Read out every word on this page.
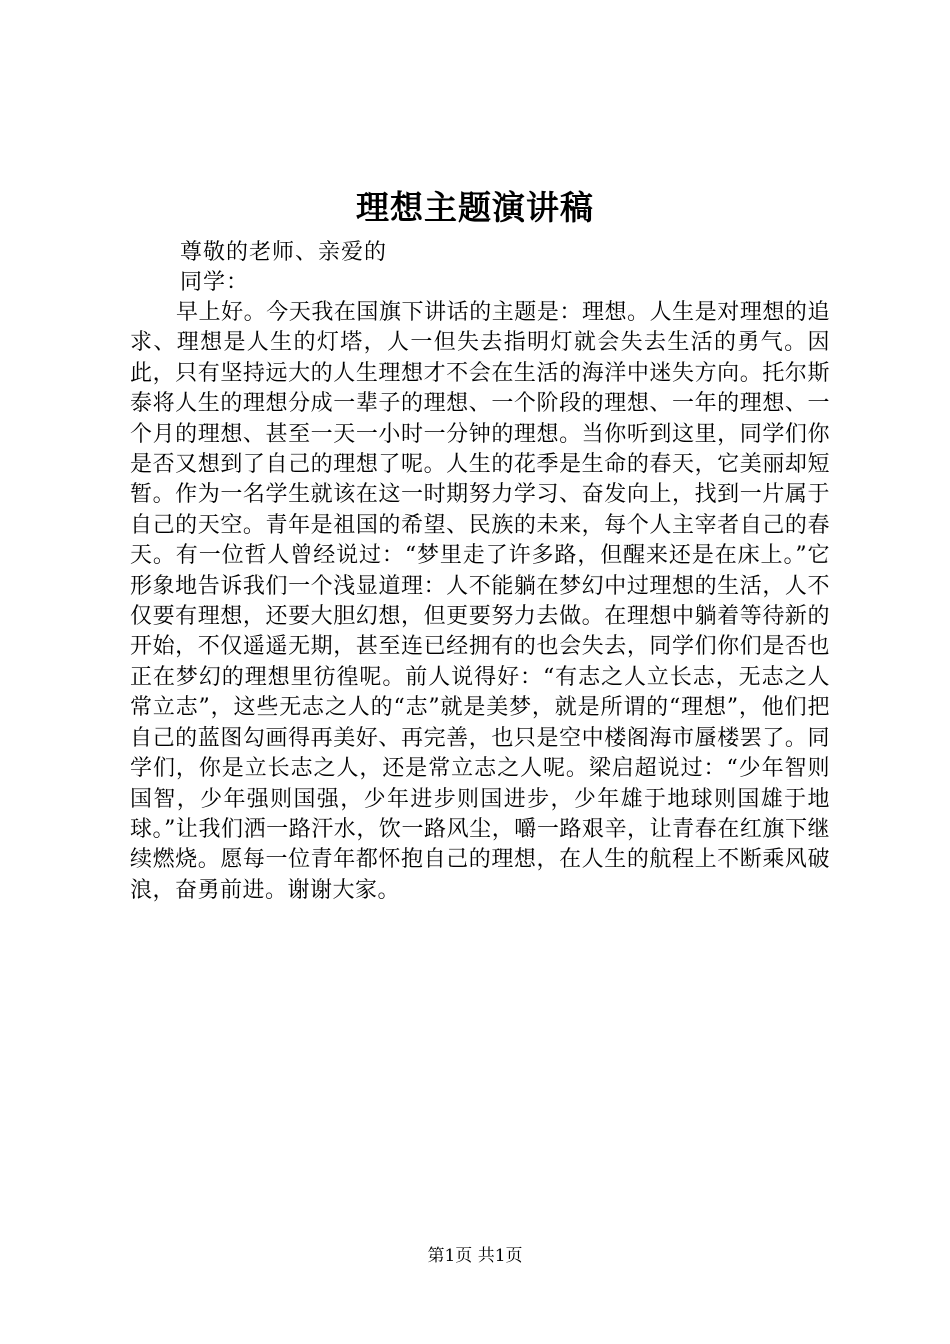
理想主题演讲稿
尊敬的老师、亲爱的
同学：

早上好。今天我在国旗下讲话的主题是：理想。人生是对理想的追求、理想是人生的灯塔，人一但失去指明灯就会失去生活的勇气。因此，只有坚持远大的人生理想才不会在生活的海洋中迷失方向。托尔斯泰将人生的理想分成一辈子的理想、一个阶段的理想、一年的理想、一个月的理想、甚至一天一小时一分钟的理想。当你听到这里，同学们你是否又想到了自己的理想了呢。人生的花季是生命的春天，它美丽却短暂。作为一名学生就该在这一时期努力学习、奋发向上，找到一片属于自己的天空。青年是祖国的希望、民族的未来，每个人主宰者自己的春天。有一位哲人曾经说过：“梦里走了许多路，但醒来还是在床上。”它形象地告诉我们一个浅显道理：人不能躺在梦幻中过理想的生活，人不仅要有理想，还要大胆幻想，但更要努力去做。在理想中躺着等待新的开始，不仅遥遥无期，甚至连已经拥有的也会失去，同学们你们是否也正在梦幻的理想里彷徨呢。前人说得好：“有志之人立长志，无志之人常立志”，这些无志之人的“志”就是美梦，就是所谓的“理想”，他们把自己的蓝图勾画得再美好、再完善，也只是空中楼阁海市蜃楼罢了。同学们，你是立长志之人，还是常立志之人呢。梁启超说过：“少年智则国智，少年强则国强，少年进步则国进步，少年雄于地球则国雄于地球。”让我们洒一路汗水，饮一路风尘，嚼一路艰辛，让青春在红旗下继续燃烧。愿每一位青年都怀抱自己的理想，在人生的航程上不断乘风破浪，奋勇前进。谢谢大家。

第1页 共1页
